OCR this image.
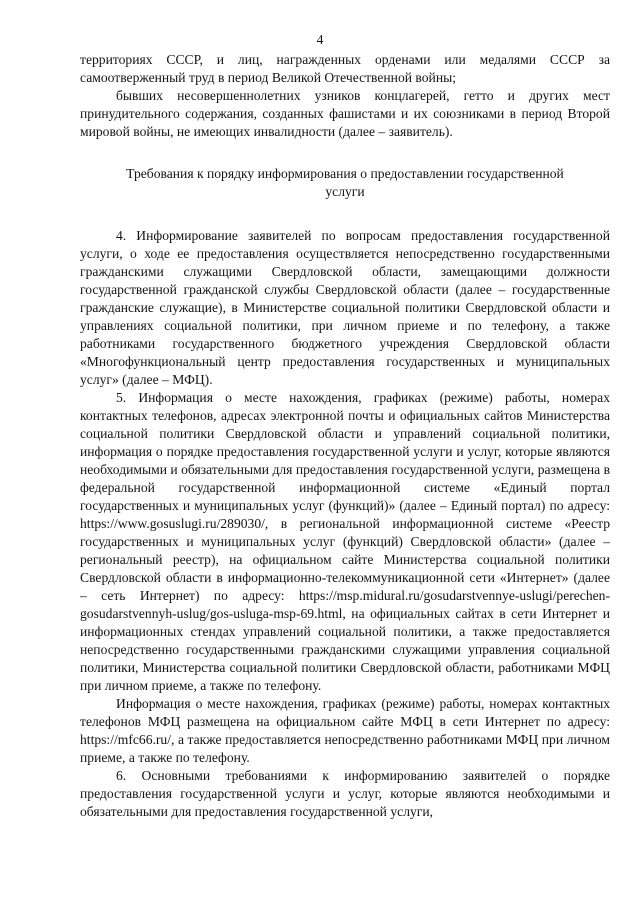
4

территориях СССР, и лиц, награжденных орденами или медалями СССР за самоотверженный труд в период Великой Отечественной войны;

бывших несовершеннолетних узников концлагерей, гетто и других мест принудительного содержания, созданных фашистами и их союзниками в период Второй мировой войны, не имеющих инвалидности (далее – заявитель).

Требования к порядку информирования о предоставлении государственной услуги

4. Информирование заявителей по вопросам предоставления государственной услуги, о ходе ее предоставления осуществляется непосредственно государственными гражданскими служащими Свердловской области, замещающими должности государственной гражданской службы Свердловской области (далее – государственные гражданские служащие), в Министерстве социальной политики Свердловской области и управлениях социальной политики, при личном приеме и по телефону, а также работниками государственного бюджетного учреждения Свердловской области «Многофункциональный центр предоставления государственных и муниципальных услуг» (далее – МФЦ).

5. Информация о месте нахождения, графиках (режиме) работы, номерах контактных телефонов, адресах электронной почты и официальных сайтов Министерства социальной политики Свердловской области и управлений социальной политики, информация о порядке предоставления государственной услуги и услуг, которые являются необходимыми и обязательными для предоставления государственной услуги, размещена в федеральной государственной информационной системе «Единый портал государственных и муниципальных услуг (функций)» (далее – Единый портал) по адресу: https://www.gosuslugi.ru/289030/, в региональной информационной системе «Реестр государственных и муниципальных услуг (функций) Свердловской области» (далее – региональный реестр), на официальном сайте Министерства социальной политики Свердловской области в информационно-телекоммуникационной сети «Интернет» (далее – сеть Интернет) по адресу: https://msp.midural.ru/gosudarstvennye-uslugi/perechen-gosudarstvennyh-uslug/gos-usluga-msp-69.html, на официальных сайтах в сети Интернет и информационных стендах управлений социальной политики, а также предоставляется непосредственно государственными гражданскими служащими управления социальной политики, Министерства социальной политики Свердловской области, работниками МФЦ при личном приеме, а также по телефону.

Информация о месте нахождения, графиках (режиме) работы, номерах контактных телефонов МФЦ размещена на официальном сайте МФЦ в сети Интернет по адресу: https://mfc66.ru/, а также предоставляется непосредственно работниками МФЦ при личном приеме, а также по телефону.

6. Основными требованиями к информированию заявителей о порядке предоставления государственной услуги и услуг, которые являются необходимыми и обязательными для предоставления государственной услуги,
